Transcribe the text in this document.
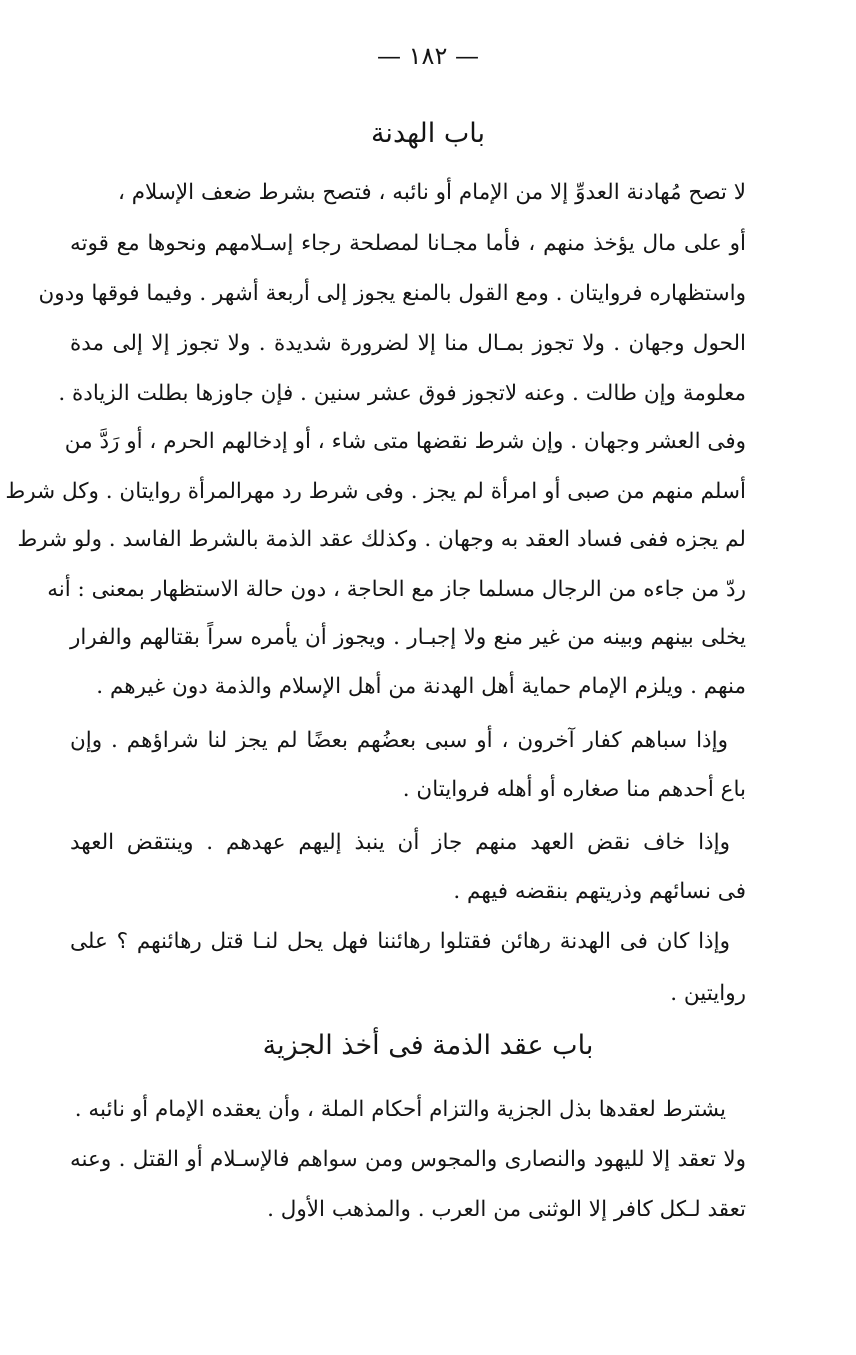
— ١٨٢ —
باب الهدنة
لا تصح مُهادنة العدوِّ إلا من الإمام أو نائبه ، فتصح بشرط ضعف الإسلام ،
أو على مال يؤخذ منهم ، فأما مجـانا لمصلحة رجاء إسـلامهم ونحوها مع قوته
واستظهاره فروايتان . ومع القول بالمنع يجوز إلى أربعة أشهر . وفيما فوقها ودون
الحول وجهان . ولا تجوز بمـال منا إلا لضرورة شديدة . ولا تجوز إلا إلى مدة
معلومة وإن طالت . وعنه لاتجوز فوق عشر سنين . فإن جاوزها بطلت الزيادة .
وفى العشر وجهان . وإن شرط نقضها متى شاء ، أو إدخالهم الحرم ، أو رَدَّ من
أسلم منهم من صبى أو امرأة لم يجز . وفى شرط رد مهرالمرأة روايتان . وكل شرط
لم يجزه ففى فساد العقد به وجهان . وكذلك عقد الذمة بالشرط الفاسد . ولو شرط
ردّ من جاءه من الرجال مسلما جاز مع الحاجة ، دون حالة الاستظهار بمعنى : أنه
يخلى بينهم وبينه من غير منع ولا إجبـار . ويجوز أن يأمره سراً بقتالهم والفرار
منهم . ويلزم الإمام حماية أهل الهدنة من أهل الإسلام والذمة دون غيرهم .
وإذا سباهم كفار آخرون ، أو سبى بعضُهم بعضًا لم يجز لنا شراؤهم . وإن
باع أحدهم منا صغاره أو أهله فروايتان .
وإذا خاف نقض العهد منهم جاز أن ينبذ إليهم عهدهم . وينتقض العهد
فى نسائهم وذريتهم بنقضه فيهم .
وإذا كان فى الهدنة رهائن فقتلوا رهائننا فهل يحل لنـا قتل رهائنهم ؟ على
روايتين .
باب عقد الذمة فى أخذ الجزية
يشترط لعقدها بذل الجزية والتزام أحكام الملة ، وأن يعقده الإمام أو نائبه .
ولا تعقد إلا لليهود والنصارى والمجوس ومن سواهم فالإسـلام أو القتل . وعنه
تعقد لـكل كافر إلا الوثنى من العرب . والمذهب الأول .
